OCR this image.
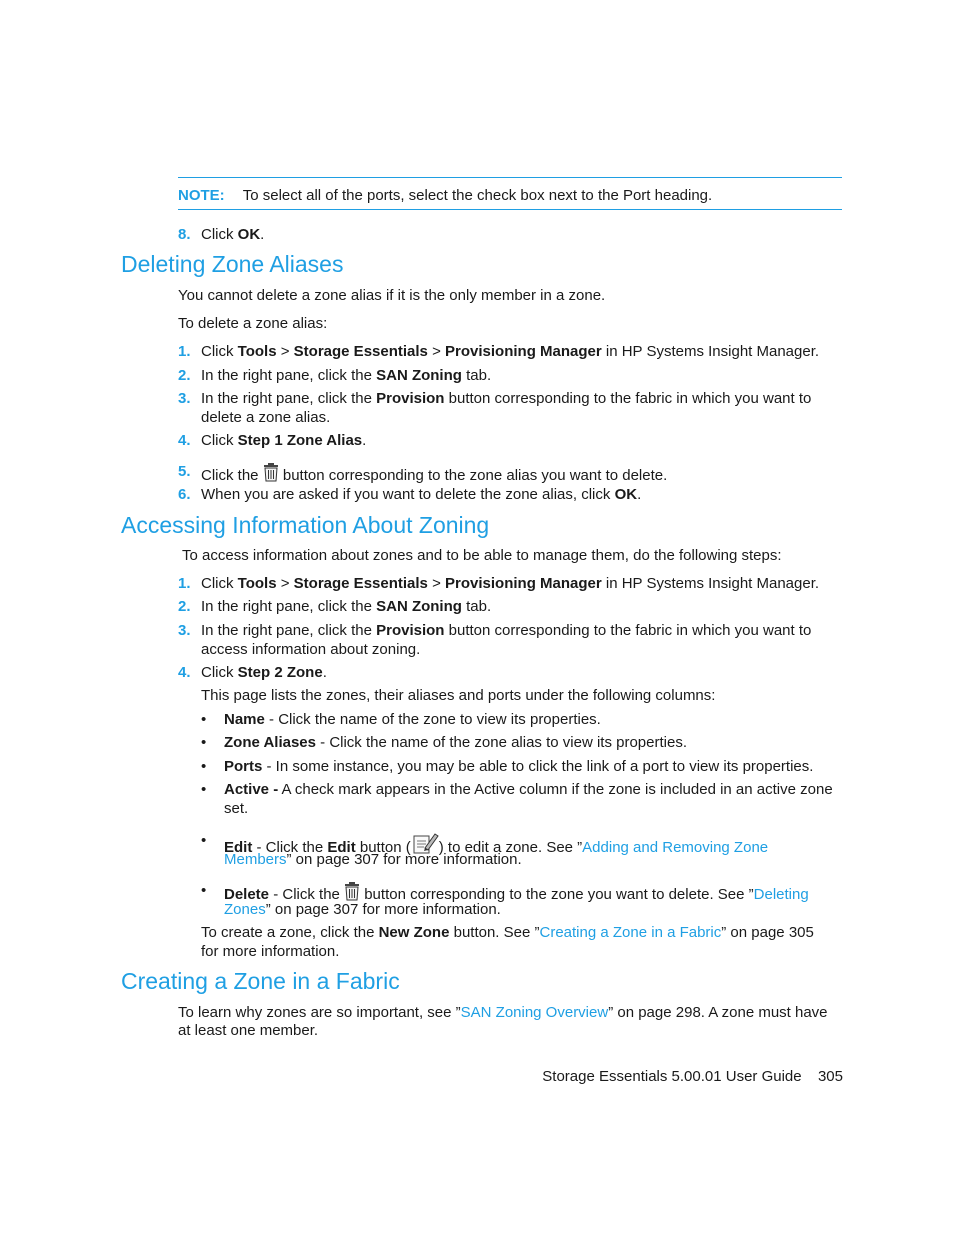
NOTE: To select all of the ports, select the check box next to the Port heading.
8. Click OK.
Deleting Zone Aliases
You cannot delete a zone alias if it is the only member in a zone.
To delete a zone alias:
1. Click Tools > Storage Essentials > Provisioning Manager in HP Systems Insight Manager.
2. In the right pane, click the SAN Zoning tab.
3. In the right pane, click the Provision button corresponding to the fabric in which you want to
delete a zone alias.
4. Click Step 1 Zone Alias.
5. Click the  button corresponding to the zone alias you want to delete.
6. When you are asked if you want to delete the zone alias, click OK.
Accessing Information About Zoning
To access information about zones and to be able to manage them, do the following steps:
1. Click Tools > Storage Essentials > Provisioning Manager in HP Systems Insight Manager.
2. In the right pane, click the SAN Zoning tab.
3. In the right pane, click the Provision button corresponding to the fabric in which you want to
access information about zoning.
4. Click Step 2 Zone.
This page lists the zones, their aliases and ports under the following columns:
• Name - Click the name of the zone to view its properties.
• Zone Aliases - Click the name of the zone alias to view its properties.
• Ports - In some instance, you may be able to click the link of a port to view its properties.
• Active - A check mark appears in the Active column if the zone is included in an active zone
set.
• Edit - Click the Edit button ( ) to edit a zone. See ”Adding and Removing Zone
Members” on page 307 for more information.
• Delete - Click the  button corresponding to the zone you want to delete. See ”Deleting
Zones” on page 307 for more information.
To create a zone, click the New Zone button. See ”Creating a Zone in a Fabric” on page 305
for more information.
Creating a Zone in a Fabric
To learn why zones are so important, see ”SAN Zoning Overview” on page 298. A zone must have
at least one member.
Storage Essentials 5.00.01 User Guide 305
